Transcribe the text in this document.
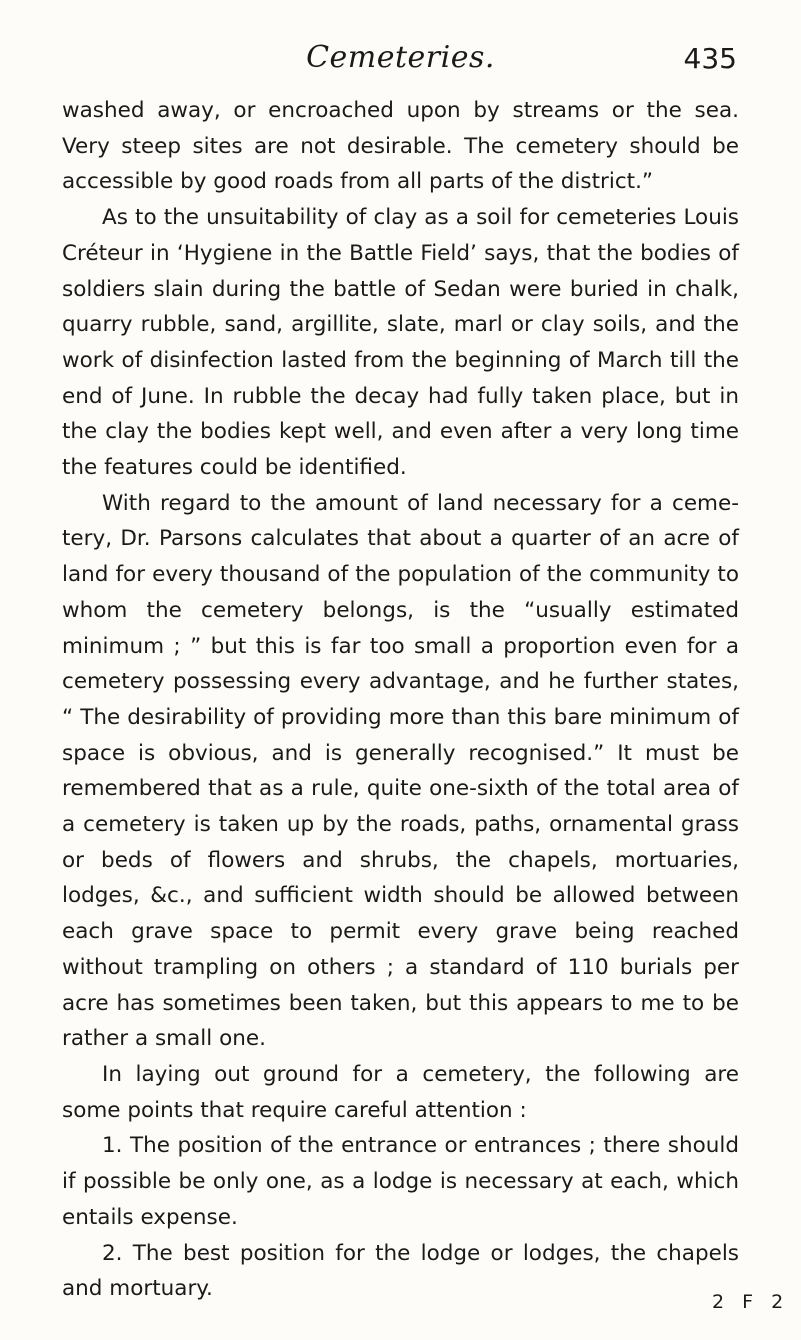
Cemeteries.	435

washed away, or encroached upon by streams or the sea. Very steep sites are not desirable. The cemetery should be accessible by good roads from all parts of the district.”

As to the unsuitability of clay as a soil for cemeteries Louis Créteur in ‘Hygiene in the Battle Field’ says, that the bodies of soldiers slain during the battle of Sedan were buried in chalk, quarry rubble, sand, argillite, slate, marl or clay soils, and the work of disinfection lasted from the beginning of March till the end of June. In rubble the decay had fully taken place, but in the clay the bodies kept well, and even after a very long time the features could be identified.

With regard to the amount of land necessary for a cemetery, Dr. Parsons calculates that about a quarter of an acre of land for every thousand of the population of the community to whom the cemetery belongs, is the “usually estimated minimum ; ” but this is far too small a proportion even for a cemetery possessing every advantage, and he further states, “ The desirability of providing more than this bare minimum of space is obvious, and is generally recognised.” It must be remembered that as a rule, quite one-sixth of the total area of a cemetery is taken up by the roads, paths, ornamental grass or beds of flowers and shrubs, the chapels, mortuaries, lodges, &c., and sufficient width should be allowed between each grave space to permit every grave being reached without trampling on others ; a standard of 110 burials per acre has sometimes been taken, but this appears to me to be rather a small one.

In laying out ground for a cemetery, the following are some points that require careful attention :

1. The position of the entrance or entrances ; there should if possible be only one, as a lodge is necessary at each, which entails expense.

2. The best position for the lodge or lodges, the chapels and mortuary.

2 F 2
